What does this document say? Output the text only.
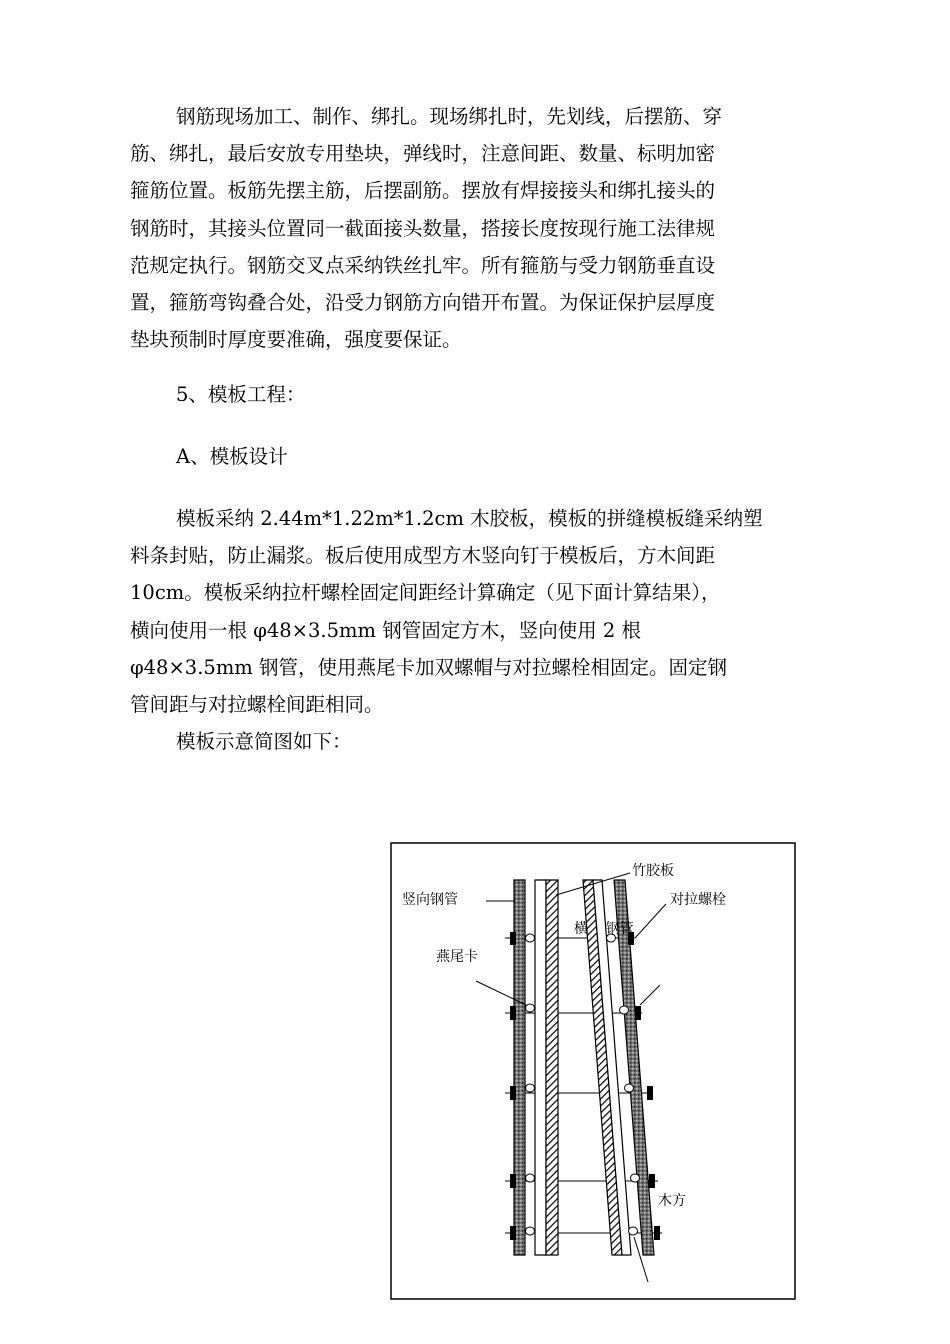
钢筋现场加工、制作、绑扎。现场绑扎时，先划线，后摆筋、穿
筋、绑扎，最后安放专用垫块，弹线时，注意间距、数量、标明加密
箍筋位置。板筋先摆主筋，后摆副筋。摆放有焊接接头和绑扎接头的
钢筋时，其接头位置同一截面接头数量，搭接长度按现行施工法律规
范规定执行。钢筋交叉点采纳铁丝扎牢。所有箍筋与受力钢筋垂直设
置，箍筋弯钩叠合处，沿受力钢筋方向错开布置。为保证保护层厚度
垫块预制时厚度要准确，强度要保证。

5、模板工程：

A、模板设计

模板采纳 2.44m*1.22m*1.2cm 木胶板，模板的拼缝模板缝采纳塑
料条封贴，防止漏浆。板后使用成型方木竖向钉于模板后，方木间距
10cm。模板采纳拉杆螺栓固定间距经计算确定（见下面计算结果），
横向使用一根 φ48×3.5mm 钢管固定方木，竖向使用 2 根
φ48×3.5mm 钢管，使用燕尾卡加双螺帽与对拉螺栓相固定。固定钢
管间距与对拉螺栓间距相同。
模板示意简图如下：
竹胶板
竖向钢管	对拉螺栓
横    钢管
燕尾卡
木方
